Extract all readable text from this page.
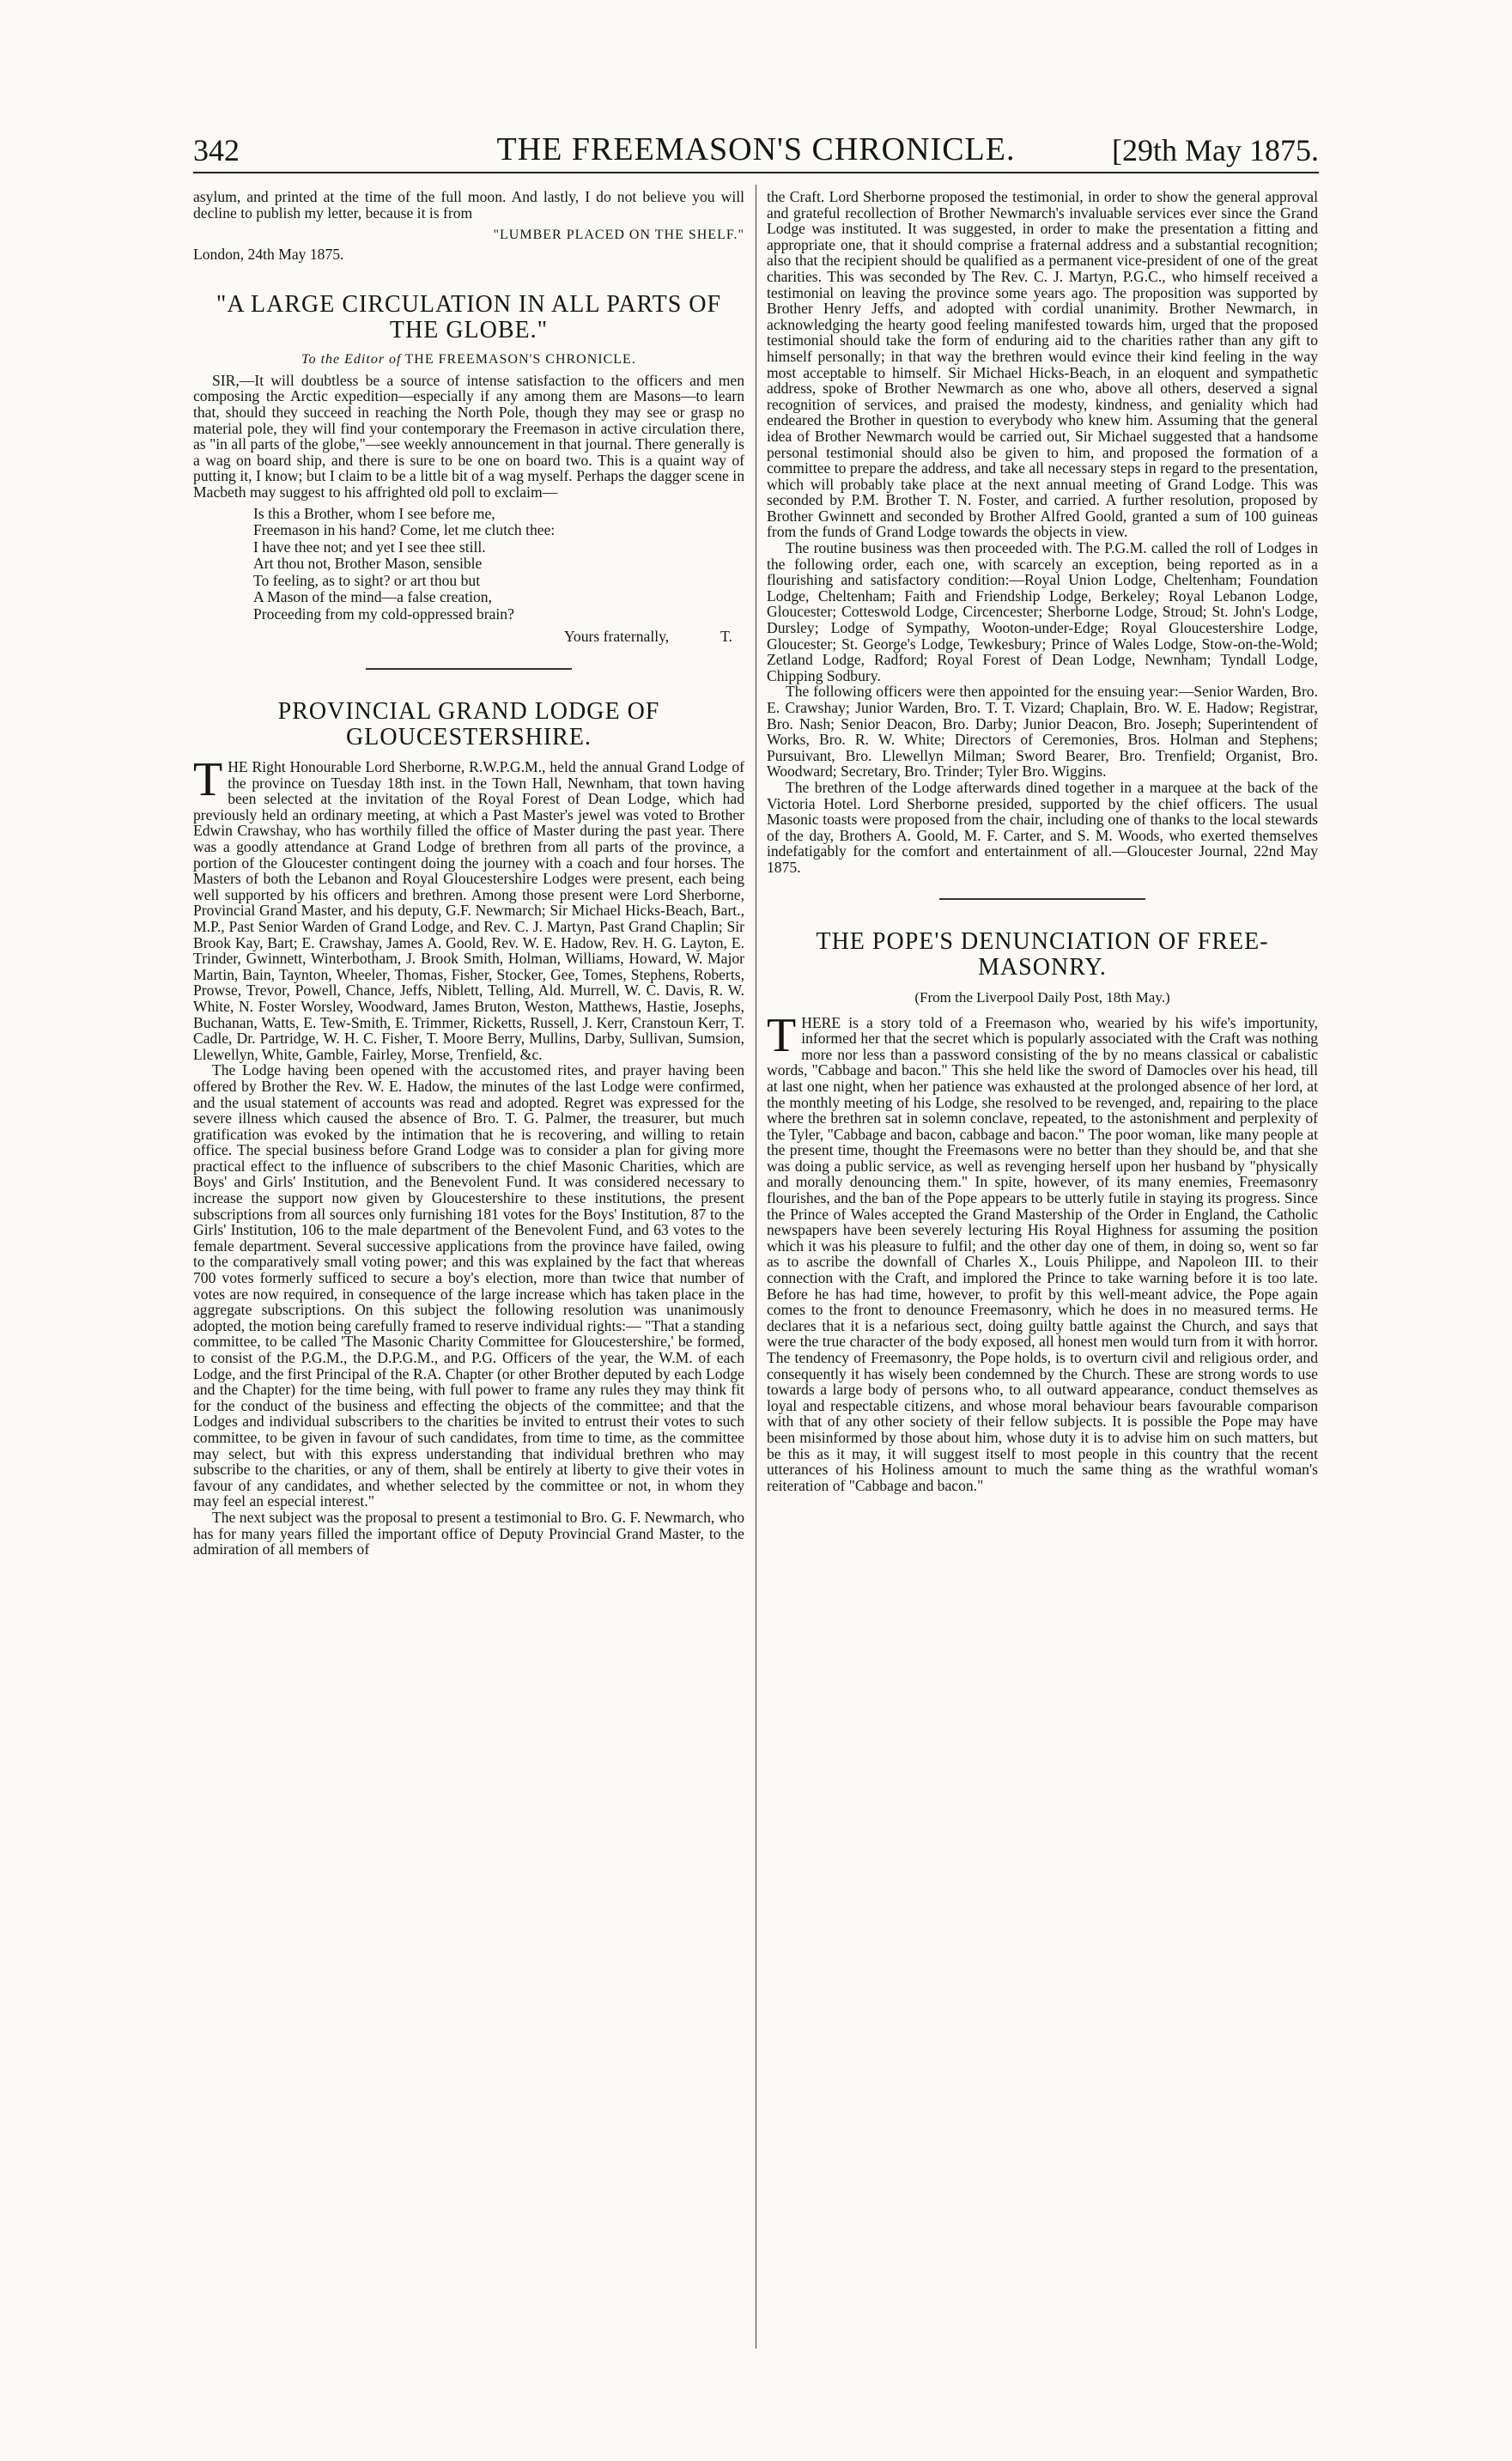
342	THE FREEMASON'S CHRONICLE.	[29th May 1875.

asylum, and printed at the time of the full moon. And lastly, I do not believe you will decline to publish my letter, because it is from

"LUMBER PLACED ON THE SHELF."

London, 24th May 1875.

"A LARGE CIRCULATION IN ALL PARTS OF THE GLOBE."
To the Editor of THE FREEMASON'S CHRONICLE.

SIR,—It will doubtless be a source of intense satisfaction to the officers and men composing the Arctic expedition—especially if any among them are Masons—to learn that, should they succeed in reaching the North Pole, though they may see or grasp no material pole, they will find your contemporary the Freemason in active circulation there, as "in all parts of the globe,"—see weekly announcement in that journal. There generally is a wag on board ship, and there is sure to be one on board two. This is a quaint way of putting it, I know; but I claim to be a little bit of a wag myself. Perhaps the dagger scene in Macbeth may suggest to his affrighted old poll to exclaim—

Is this a Brother, whom I see before me,
Freemason in his hand? Come, let me clutch thee:
I have thee not; and yet I see thee still.
Art thou not, Brother Mason, sensible
To feeling, as to sight? or art thou but
A Mason of the mind—a false creation,
Proceeding from my cold-oppressed brain?
Yours fraternally,	T.
PROVINCIAL GRAND LODGE OF GLOUCESTERSHIRE.

THE Right Honourable Lord Sherborne, R.W.P.G.M., held the annual Grand Lodge of the province on Tuesday 18th inst. in the Town Hall, Newnham, that town having been selected at the invitation of the Royal Forest of Dean Lodge, which had previously held an ordinary meeting, at which a Past Master's jewel was voted to Brother Edwin Crawshay, who has worthily filled the office of Master during the past year. There was a goodly attendance at Grand Lodge of brethren from all parts of the province, a portion of the Gloucester contingent doing the journey with a coach and four horses. The Masters of both the Lebanon and Royal Gloucestershire Lodges were present, each being well supported by his officers and brethren. Among those present were Lord Sherborne, Provincial Grand Master, and his deputy, G.F. Newmarch; Sir Michael Hicks-Beach, Bart., M.P., Past Senior Warden of Grand Lodge, and Rev. C. J. Martyn, Past Grand Chaplin; Sir Brook Kay, Bart; E. Crawshay, James A. Goold, Rev. W. E. Hadow, Rev. H. G. Layton, E. Trinder, Gwinnett, Winterbotham, J. Brook Smith, Holman, Williams, Howard, W. Major Martin, Bain, Taynton, Wheeler, Thomas, Fisher, Stocker, Gee, Tomes, Stephens, Roberts, Prowse, Trevor, Powell, Chance, Jeffs, Niblett, Telling, Ald. Murrell, W. C. Davis, R. W. White, N. Foster Worsley, Woodward, James Bruton, Weston, Matthews, Hastie, Josephs, Buchanan, Watts, E. Tew-Smith, E. Trimmer, Ricketts, Russell, J. Kerr, Cranstoun Kerr, T. Cadle, Dr. Partridge, W. H. C. Fisher, T. Moore Berry, Mullins, Darby, Sullivan, Sumsion, Llewellyn, White, Gamble, Fairley, Morse, Trenfield, &c.

The Lodge having been opened with the accustomed rites, and prayer having been offered by Brother the Rev. W. E. Hadow, the minutes of the last Lodge were confirmed, and the usual statement of accounts was read and adopted. Regret was expressed for the severe illness which caused the absence of Bro. T. G. Palmer, the treasurer, but much gratification was evoked by the intimation that he is recovering, and willing to retain office. The special business before Grand Lodge was to consider a plan for giving more practical effect to the influence of subscribers to the chief Masonic Charities, which are Boys' and Girls' Institution, and the Benevolent Fund. It was considered necessary to increase the support now given by Gloucestershire to these institutions, the present subscriptions from all sources only furnishing 181 votes for the Boys' Institution, 87 to the Girls' Institution, 106 to the male department of the Benevolent Fund, and 63 votes to the female department. Several successive applications from the province have failed, owing to the comparatively small voting power; and this was explained by the fact that whereas 700 votes formerly sufficed to secure a boy's election, more than twice that number of votes are now required, in consequence of the large increase which has taken place in the aggregate subscriptions. On this subject the following resolution was unanimously adopted, the motion being carefully framed to reserve individual rights:— "That a standing committee, to be called 'The Masonic Charity Committee for Gloucestershire,' be formed, to consist of the P.G.M., the D.P.G.M., and P.G. Officers of the year, the W.M. of each Lodge, and the first Principal of the R.A. Chapter (or other Brother deputed by each Lodge and the Chapter) for the time being, with full power to frame any rules they may think fit for the conduct of the business and effecting the objects of the committee; and that the Lodges and individual subscribers to the charities be invited to entrust their votes to such committee, to be given in favour of such candidates, from time to time, as the committee may select, but with this express understanding that individual brethren who may subscribe to the charities, or any of them, shall be entirely at liberty to give their votes in favour of any candidates, and whether selected by the committee or not, in whom they may feel an especial interest."

The next subject was the proposal to present a testimonial to Bro. G. F. Newmarch, who has for many years filled the important office of Deputy Provincial Grand Master, to the admiration of all members of

the Craft. Lord Sherborne proposed the testimonial, in order to show the general approval and grateful recollection of Brother Newmarch's invaluable services ever since the Grand Lodge was instituted. It was suggested, in order to make the presentation a fitting and appropriate one, that it should comprise a fraternal address and a substantial recognition; also that the recipient should be qualified as a permanent vice-president of one of the great charities. This was seconded by The Rev. C. J. Martyn, P.G.C., who himself received a testimonial on leaving the province some years ago. The proposition was supported by Brother Henry Jeffs, and adopted with cordial unanimity. Brother Newmarch, in acknowledging the hearty good feeling manifested towards him, urged that the proposed testimonial should take the form of enduring aid to the charities rather than any gift to himself personally; in that way the brethren would evince their kind feeling in the way most acceptable to himself. Sir Michael Hicks-Beach, in an eloquent and sympathetic address, spoke of Brother Newmarch as one who, above all others, deserved a signal recognition of services, and praised the modesty, kindness, and geniality which had endeared the Brother in question to everybody who knew him. Assuming that the general idea of Brother Newmarch would be carried out, Sir Michael suggested that a handsome personal testimonial should also be given to him, and proposed the formation of a committee to prepare the address, and take all necessary steps in regard to the presentation, which will probably take place at the next annual meeting of Grand Lodge. This was seconded by P.M. Brother T. N. Foster, and carried. A further resolution, proposed by Brother Gwinnett and seconded by Brother Alfred Goold, granted a sum of 100 guineas from the funds of Grand Lodge towards the objects in view.

The routine business was then proceeded with. The P.G.M. called the roll of Lodges in the following order, each one, with scarcely an exception, being reported as in a flourishing and satisfactory condition:—Royal Union Lodge, Cheltenham; Foundation Lodge, Cheltenham; Faith and Friendship Lodge, Berkeley; Royal Lebanon Lodge, Gloucester; Cotteswold Lodge, Circencester; Sherborne Lodge, Stroud; St. John's Lodge, Dursley; Lodge of Sympathy, Wooton-under-Edge; Royal Gloucestershire Lodge, Gloucester; St. George's Lodge, Tewkesbury; Prince of Wales Lodge, Stow-on-the-Wold; Zetland Lodge, Radford; Royal Forest of Dean Lodge, Newnham; Tyndall Lodge, Chipping Sodbury.

The following officers were then appointed for the ensuing year:—Senior Warden, Bro. E. Crawshay; Junior Warden, Bro. T. T. Vizard; Chaplain, Bro. W. E. Hadow; Registrar, Bro. Nash; Senior Deacon, Bro. Darby; Junior Deacon, Bro. Joseph; Superintendent of Works, Bro. R. W. White; Directors of Ceremonies, Bros. Holman and Stephens; Pursuivant, Bro. Llewellyn Milman; Sword Bearer, Bro. Trenfield; Organist, Bro. Woodward; Secretary, Bro. Trinder; Tyler Bro. Wiggins.

The brethren of the Lodge afterwards dined together in a marquee at the back of the Victoria Hotel. Lord Sherborne presided, supported by the chief officers. The usual Masonic toasts were proposed from the chair, including one of thanks to the local stewards of the day, Brothers A. Goold, M. F. Carter, and S. M. Woods, who exerted themselves indefatigably for the comfort and entertainment of all.—Gloucester Journal, 22nd May 1875.

THE POPE'S DENUNCIATION OF FREE-MASONRY.
(From the Liverpool Daily Post, 18th May.)

THERE is a story told of a Freemason who, wearied by his wife's importunity, informed her that the secret which is popularly associated with the Craft was nothing more nor less than a password consisting of the by no means classical or cabalistic words, "Cabbage and bacon." This she held like the sword of Damocles over his head, till at last one night, when her patience was exhausted at the prolonged absence of her lord, at the monthly meeting of his Lodge, she resolved to be revenged, and, repairing to the place where the brethren sat in solemn conclave, repeated, to the astonishment and perplexity of the Tyler, "Cabbage and bacon, cabbage and bacon." The poor woman, like many people at the present time, thought the Freemasons were no better than they should be, and that she was doing a public service, as well as revenging herself upon her husband by "physically and morally denouncing them." In spite, however, of its many enemies, Freemasonry flourishes, and the ban of the Pope appears to be utterly futile in staying its progress. Since the Prince of Wales accepted the Grand Mastership of the Order in England, the Catholic newspapers have been severely lecturing His Royal Highness for assuming the position which it was his pleasure to fulfil; and the other day one of them, in doing so, went so far as to ascribe the downfall of Charles X., Louis Philippe, and Napoleon III. to their connection with the Craft, and implored the Prince to take warning before it is too late. Before he has had time, however, to profit by this well-meant advice, the Pope again comes to the front to denounce Freemasonry, which he does in no measured terms. He declares that it is a nefarious sect, doing guilty battle against the Church, and says that were the true character of the body exposed, all honest men would turn from it with horror. The tendency of Freemasonry, the Pope holds, is to overturn civil and religious order, and consequently it has wisely been condemned by the Church. These are strong words to use towards a large body of persons who, to all outward appearance, conduct themselves as loyal and respectable citizens, and whose moral behaviour bears favourable comparison with that of any other society of their fellow subjects. It is possible the Pope may have been misinformed by those about him, whose duty it is to advise him on such matters, but be this as it may, it will suggest itself to most people in this country that the recent utterances of his Holiness amount to much the same thing as the wrathful woman's reiteration of "Cabbage and bacon."
